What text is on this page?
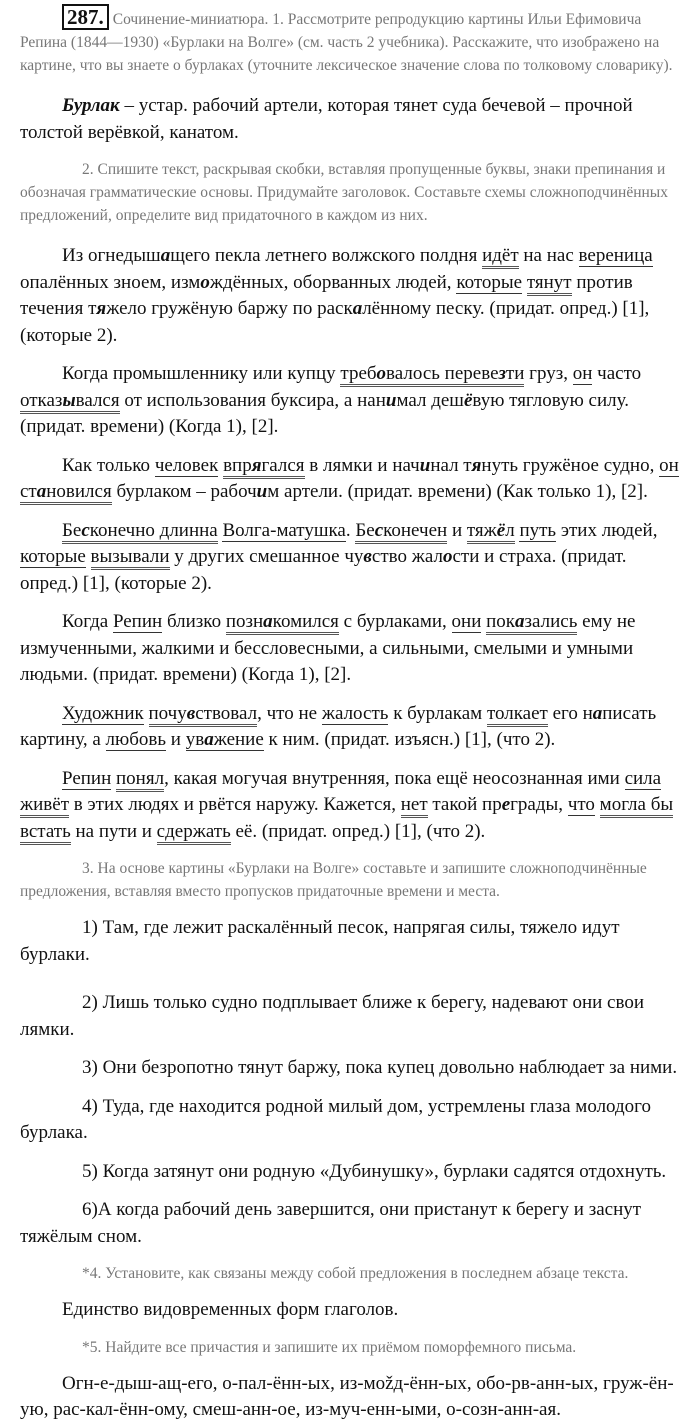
287. Сочинение-миниатюра. 1. Рассмотрите репродукцию картины Ильи Ефимовича Репина (1844—1930) «Бурлаки на Волге» (см. часть 2 учебника). Расскажите, что изображено на картине, что вы знаете о бурлаках (уточните лексическое значение слова по толковому словарику).

Бурлак – устар. рабочий артели, которая тянет суда бечевой – прочной толстой верёвкой, канатом.

2. Спишите текст, раскрывая скобки, вставляя пропущенные буквы, знаки препинания и обозначая грамматические основы. Придумайте заголовок. Составьте схемы сложноподчинённых предложений, определите вид придаточного в каждом из них.

Из огнедышащего пекла летнего волжского полдня идёт на нас вереница опалённых зноем, измождённых, оборванных людей, которые тянут против течения тяжело гружёную баржу по раскалённому песку. (придат. опред.) [1], (которые 2).

Когда промышленнику или купцу требовалось перевезти груз, он часто отказывался от использования буксира, а нанимал дешёвую тягловую силу. (придат. времени) (Когда 1), [2].

Как только человек впрягался в лямки и начинал тянуть гружёное судно, он становился бурлаком – рабочим артели. (придат. времени) (Как только 1), [2].

Бесконечно длинна Волга-матушка. Бесконечен и тяжёл путь этих людей, которые вызывали у других смешанное чувство жалости и страха. (придат. опред.) [1], (которые 2).

Когда Репин близко познакомился с бурлаками, они показались ему не измученными, жалкими и бессловесными, а сильными, смелыми и умными людьми. (придат. времени) (Когда 1), [2].

Художник почувствовал, что не жалость к бурлакам толкает его написать картину, а любовь и уважение к ним. (придат. изъясн.) [1], (что 2).

Репин понял, какая могучая внутренняя, пока ещё неосознанная ими сила живёт в этих людях и рвётся наружу. Кажется, нет такой преграды, что могла бы встать на пути и сдержать её. (придат. опред.) [1], (что 2).

3. На основе картины «Бурлаки на Волге» составьте и запишите сложноподчинённые предложения, вставляя вместо пропусков придаточные времени и места.

1) Там, где лежит раскалённый песок, напрягая силы, тяжело идут бурлаки.

2) Лишь только судно подплывает ближе к берегу, надевают они свои лямки.

3) Они безропотно тянут баржу, пока купец довольно наблюдает за ними.

4) Туда, где находится родной милый дом, устремлены глаза молодого бурлака.

5) Когда затянут они родную «Дубинушку», бурлаки садятся отдохнуть.

6)А когда рабочий день завершится, они пристанут к берегу и заснут тяжёлым сном.

*4. Установите, как связаны между собой предложения в последнем абзаце текста.

Единство видовременных форм глаголов.

*5. Найдите все причастия и запишите их приёмом поморфемного письма.

Огн-е-дыш-ащ-его, о-пал-ённ-ых, из-мožд-ённ-ых, обо-рв-анн-ых, груж-ён-ую, рас-кал-ённ-ому, смеш-анн-ое, из-муч-енн-ыми, о-созн-анн-ая.
